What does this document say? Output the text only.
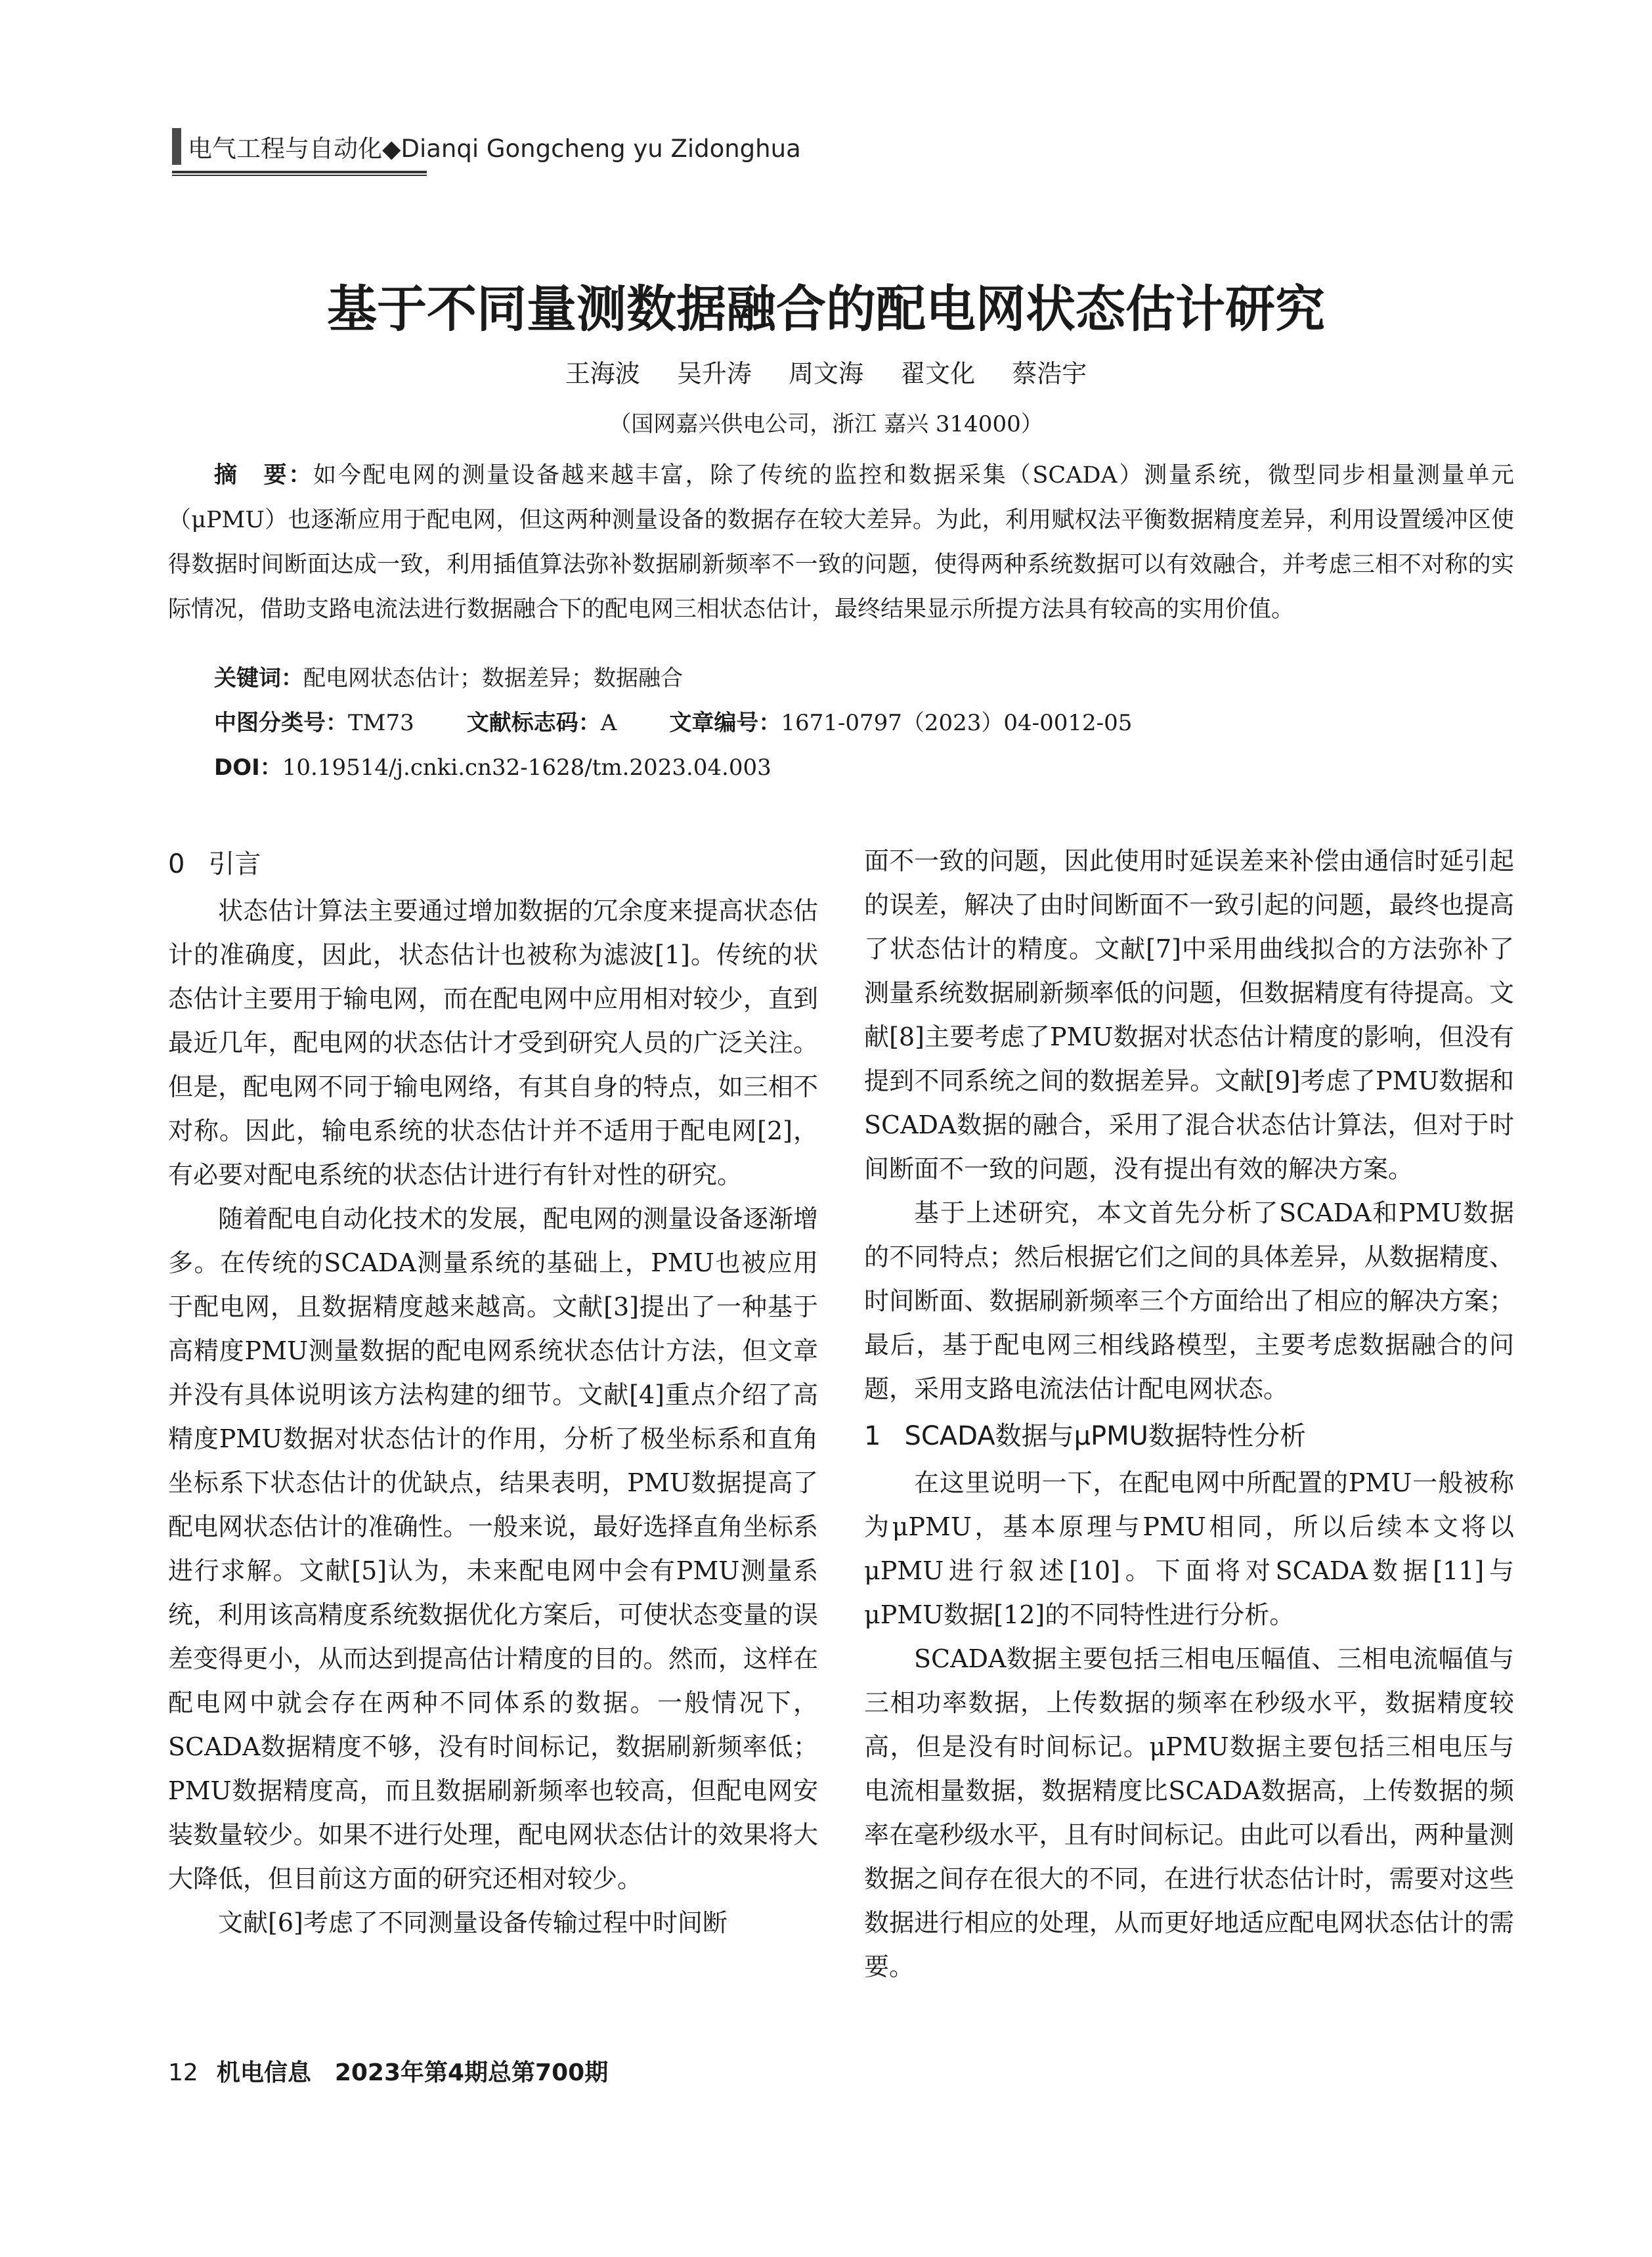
电气工程与自动化◆Dianqi Gongcheng yu Zidonghua
基于不同量测数据融合的配电网状态估计研究
王海波 吴升涛 周文海 翟文化 蔡浩宇
（国网嘉兴供电公司，浙江 嘉兴 314000）

摘　要：如今配电网的测量设备越来越丰富，除了传统的监控和数据采集（SCADA）测量系统，微型同步相量测量单元（μPMU）也逐渐应用于配电网，但这两种测量设备的数据存在较大差异。为此，利用赋权法平衡数据精度差异，利用设置缓冲区使得数据时间断面达成一致，利用插值算法弥补数据刷新频率不一致的问题，使得两种系统数据可以有效融合，并考虑三相不对称的实际情况，借助支路电流法进行数据融合下的配电网三相状态估计，最终结果显示所提方法具有较高的实用价值。

关键词：配电网状态估计；数据差异；数据融合
中图分类号：TM73 文献标志码：A 文章编号：1671-0797（2023）04-0012-05
DOI：10.19514/j.cnki.cn32-1628/tm.2023.04.003
0 引言

状态估计算法主要通过增加数据的冗余度来提高状态估计的准确度，因此，状态估计也被称为滤波[1]。传统的状态估计主要用于输电网，而在配电网中应用相对较少，直到最近几年，配电网的状态估计才受到研究人员的广泛关注。但是，配电网不同于输电网络，有其自身的特点，如三相不对称。因此，输电系统的状态估计并不适用于配电网[2]，有必要对配电系统的状态估计进行有针对性的研究。

随着配电自动化技术的发展，配电网的测量设备逐渐增多。在传统的SCADA测量系统的基础上，PMU也被应用于配电网，且数据精度越来越高。文献[3]提出了一种基于高精度PMU测量数据的配电网系统状态估计方法，但文章并没有具体说明该方法构建的细节。文献[4]重点介绍了高精度PMU数据对状态估计的作用，分析了极坐标系和直角坐标系下状态估计的优缺点，结果表明，PMU数据提高了配电网状态估计的准确性。一般来说，最好选择直角坐标系进行求解。文献[5]认为，未来配电网中会有PMU测量系统，利用该高精度系统数据优化方案后，可使状态变量的误差变得更小，从而达到提高估计精度的目的。然而，这样在配电网中就会存在两种不同体系的数据。一般情况下，SCADA数据精度不够，没有时间标记，数据刷新频率低；PMU数据精度高，而且数据刷新频率也较高，但配电网安装数量较少。如果不进行处理，配电网状态估计的效果将大大降低，但目前这方面的研究还相对较少。

文献[6]考虑了不同测量设备传输过程中时间断

面不一致的问题，因此使用时延误差来补偿由通信时延引起的误差，解决了由时间断面不一致引起的问题，最终也提高了状态估计的精度。文献[7]中采用曲线拟合的方法弥补了测量系统数据刷新频率低的问题，但数据精度有待提高。文献[8]主要考虑了PMU数据对状态估计精度的影响，但没有提到不同系统之间的数据差异。文献[9]考虑了PMU数据和SCADA数据的融合，采用了混合状态估计算法，但对于时间断面不一致的问题，没有提出有效的解决方案。

基于上述研究，本文首先分析了SCADA和PMU数据的不同特点；然后根据它们之间的具体差异，从数据精度、时间断面、数据刷新频率三个方面给出了相应的解决方案；最后，基于配电网三相线路模型，主要考虑数据融合的问题，采用支路电流法估计配电网状态。

1 SCADA数据与μPMU数据特性分析

在这里说明一下，在配电网中所配置的PMU一般被称为μPMU，基本原理与PMU相同，所以后续本文将以μPMU进行叙述[10]。下面将对SCADA数据[11]与μPMU数据[12]的不同特性进行分析。

SCADA数据主要包括三相电压幅值、三相电流幅值与三相功率数据，上传数据的频率在秒级水平，数据精度较高，但是没有时间标记。μPMU数据主要包括三相电压与电流相量数据，数据精度比SCADA数据高，上传数据的频率在毫秒级水平，且有时间标记。由此可以看出，两种量测数据之间存在很大的不同，在进行状态估计时，需要对这些数据进行相应的处理，从而更好地适应配电网状态估计的需要。

12 机电信息　2023年第4期总第700期
